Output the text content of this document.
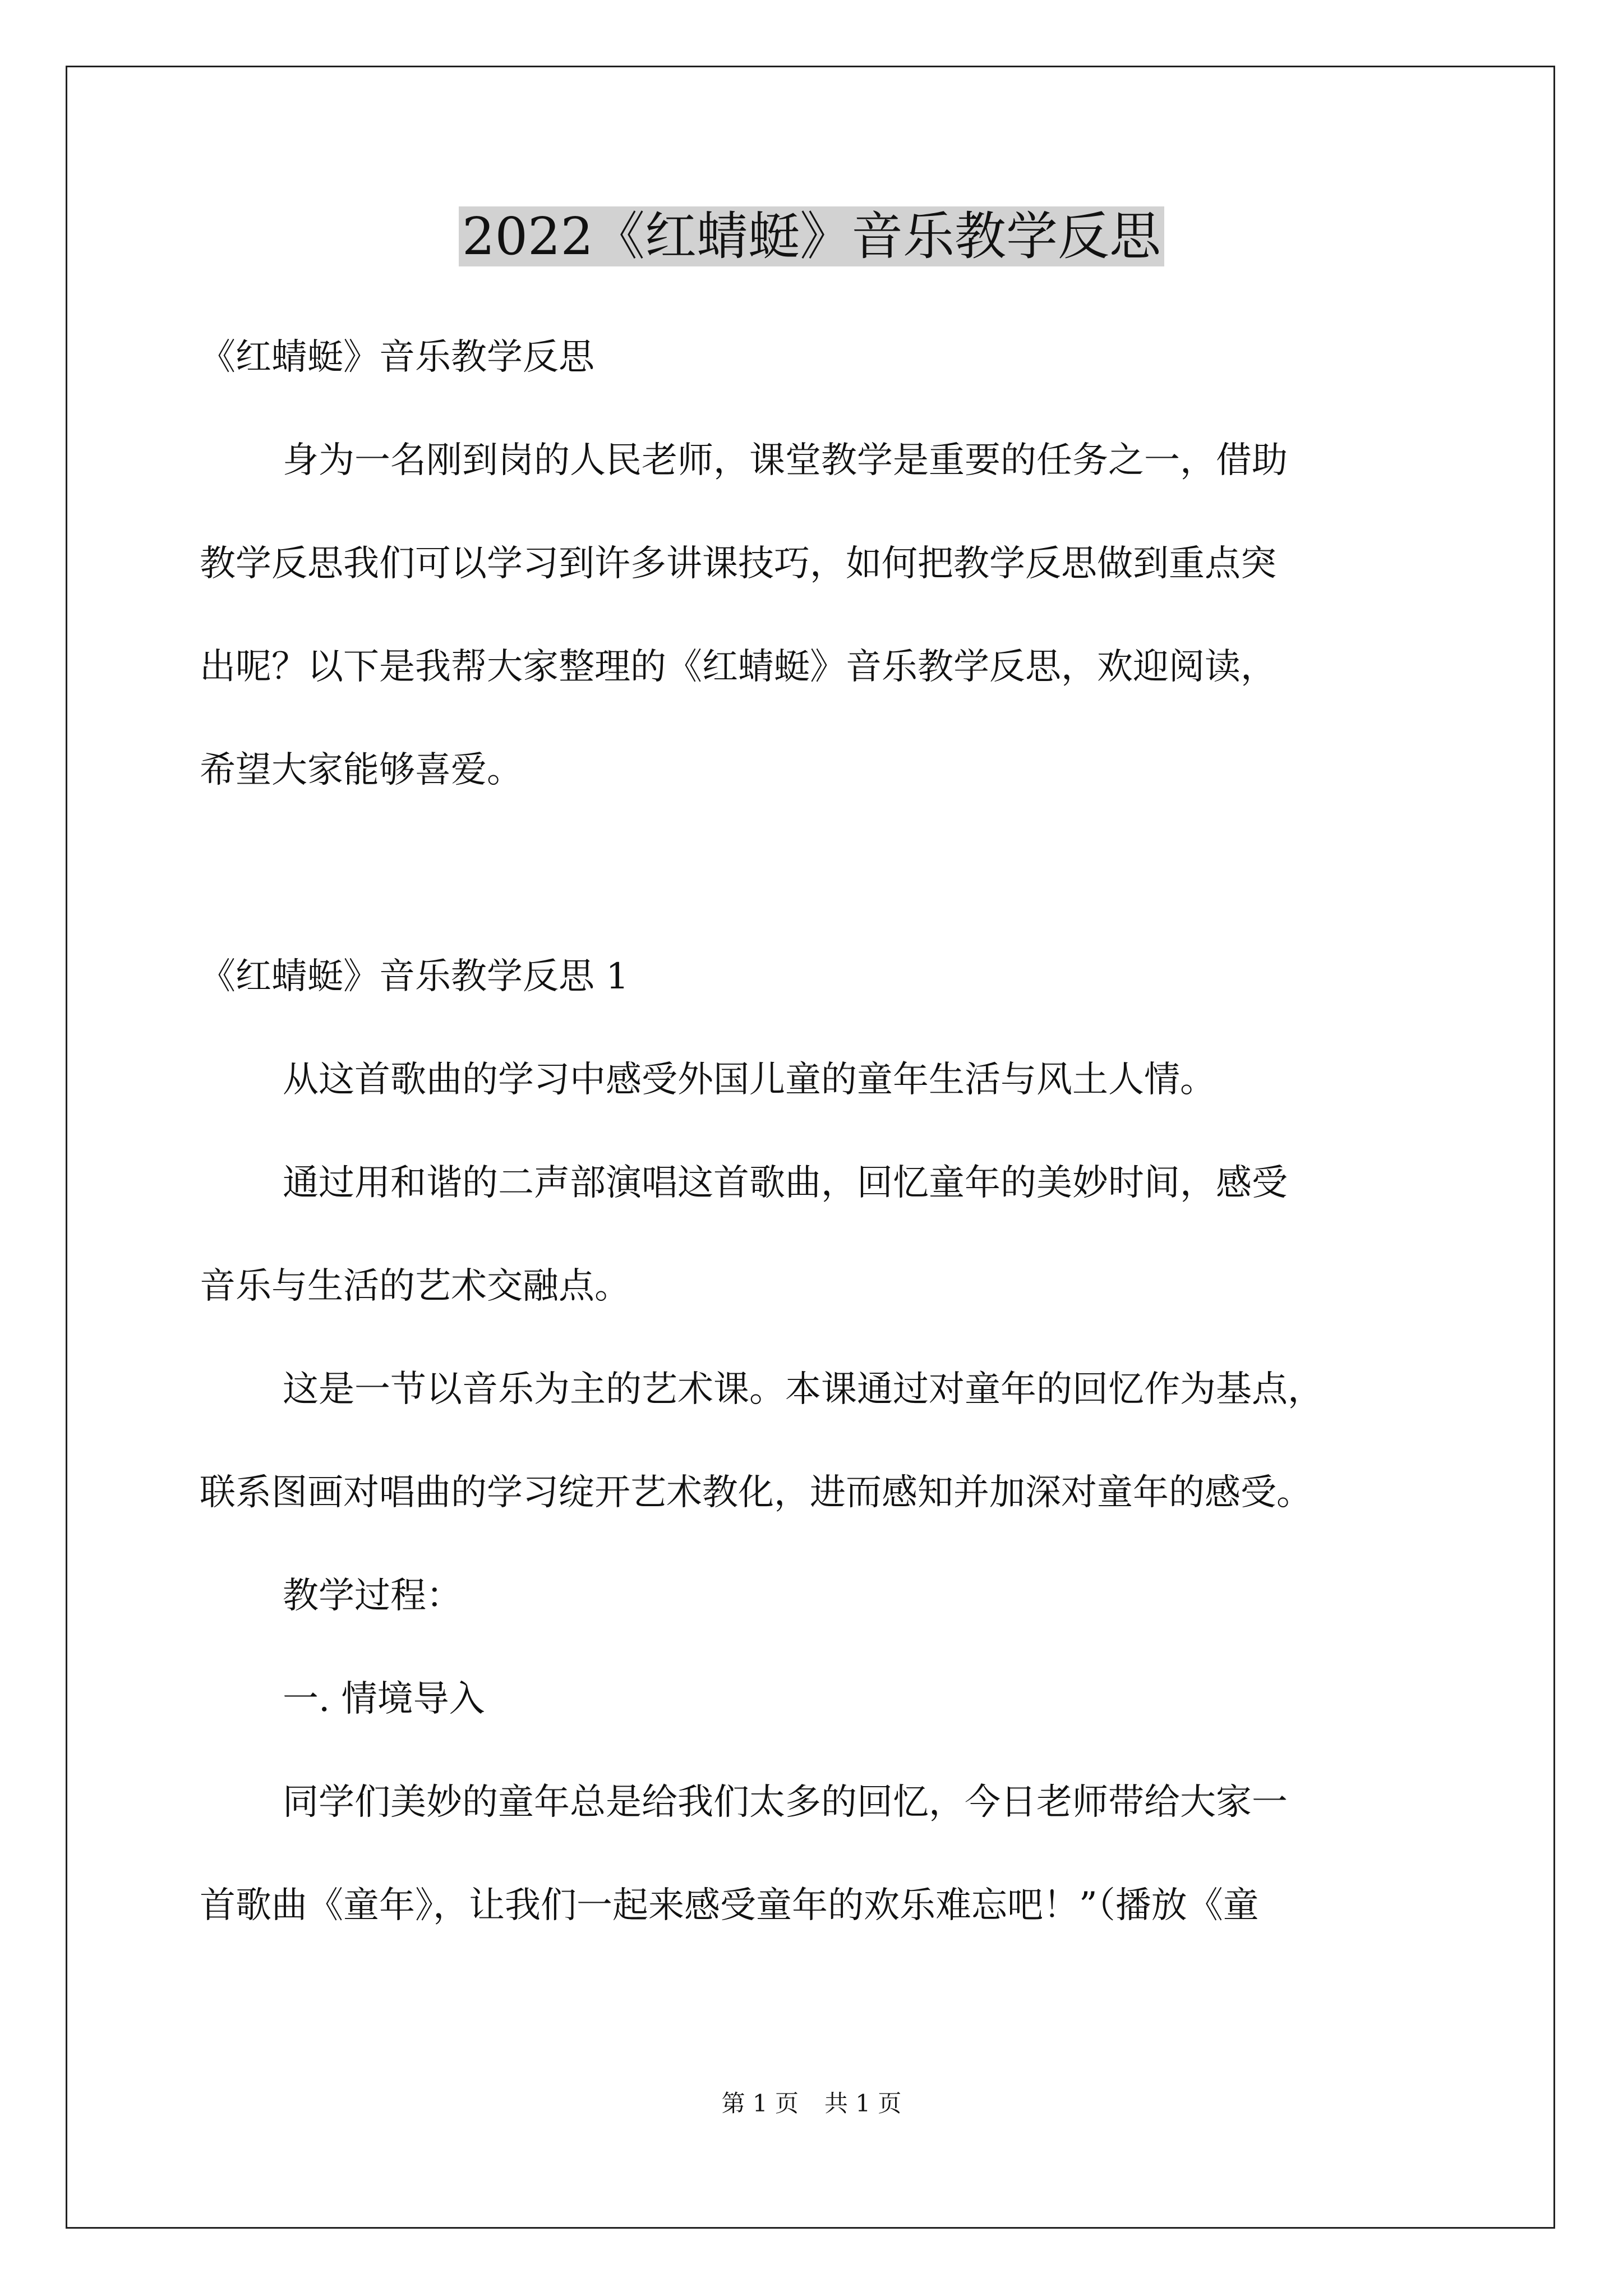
2022《红蜻蜓》音乐教学反思

《红蜻蜓》音乐教学反思

身为一名刚到岗的人民老师，课堂教学是重要的任务之一，借助

教学反思我们可以学习到许多讲课技巧，如何把教学反思做到重点突

出呢？以下是我帮大家整理的《红蜻蜓》音乐教学反思，欢迎阅读，

希望大家能够喜爱。

《红蜻蜓》音乐教学反思 1

从这首歌曲的学习中感受外国儿童的童年生活与风土人情。

通过用和谐的二声部演唱这首歌曲，回忆童年的美妙时间，感受

音乐与生活的艺术交融点。

这是一节以音乐为主的艺术课。本课通过对童年的回忆作为基点，

联系图画对唱曲的学习绽开艺术教化，进而感知并加深对童年的感受。

教学过程：

一. 情境导入

同学们美妙的童年总是给我们太多的回忆，今日老师带给大家一

首歌曲《童年》，让我们一起来感受童年的欢乐难忘吧！”（播放《童

第 1 页 共 1 页
